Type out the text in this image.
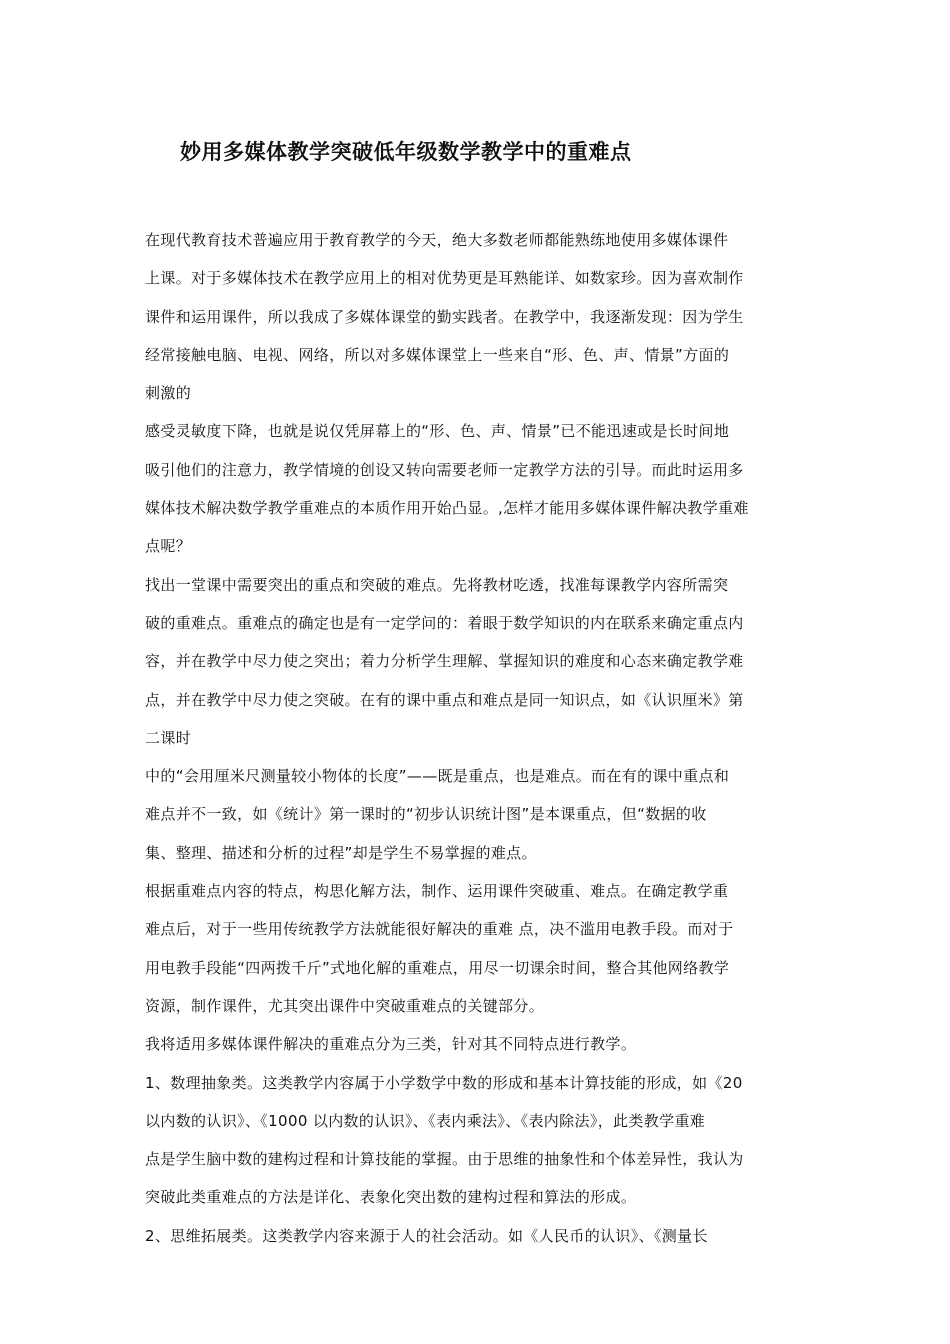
妙用多媒体教学突破低年级数学教学中的重难点
在现代教育技术普遍应用于教育教学的今天，绝大多数老师都能熟练地使用多媒体课件
上课。对于多媒体技术在教学应用上的相对优势更是耳熟能详、如数家珍。因为喜欢制作
课件和运用课件，所以我成了多媒体课堂的勤实践者。在教学中，我逐渐发现：因为学生
经常接触电脑、电视、网络，所以对多媒体课堂上一些来自“形、色、声、情景”方面的
刺激的
感受灵敏度下降，也就是说仅凭屏幕上的“形、色、声、情景”已不能迅速或是长时间地
吸引他们的注意力，教学情境的创设又转向需要老师一定教学方法的引导。而此时运用多
媒体技术解决数学教学重难点的本质作用开始凸显。,怎样才能用多媒体课件解决教学重难
点呢？
找出一堂课中需要突出的重点和突破的难点。先将教材吃透，找准每课教学内容所需突
破的重难点。重难点的确定也是有一定学问的：着眼于数学知识的内在联系来确定重点内
容，并在教学中尽力使之突出；着力分析学生理解、掌握知识的难度和心态来确定教学难
点，并在教学中尽力使之突破。在有的课中重点和难点是同一知识点，如《认识厘米》第
二课时
中的“会用厘米尺测量较小物体的长度”——既是重点，也是难点。而在有的课中重点和
难点并不一致，如《统计》第一课时的“初步认识统计图”是本课重点，但“数据的收
集、整理、描述和分析的过程”却是学生不易掌握的难点。
根据重难点内容的特点，构思化解方法，制作、运用课件突破重、难点。在确定教学重
难点后，对于一些用传统教学方法就能很好解决的重难 点，决不滥用电教手段。而对于
用电教手段能“四两拨千斤”式地化解的重难点，用尽一切课余时间，整合其他网络教学
资源，制作课件，尤其突出课件中突破重难点的关键部分。
我将适用多媒体课件解决的重难点分为三类，针对其不同特点进行教学。
1、数理抽象类。这类教学内容属于小学数学中数的形成和基本计算技能的形成，如《20
以内数的认识》、《1000 以内数的认识》、《表内乘法》、《表内除法》，此类教学重难
点是学生脑中数的建构过程和计算技能的掌握。由于思维的抽象性和个体差异性，我认为
突破此类重难点的方法是详化、表象化突出数的建构过程和算法的形成。
2、思维拓展类。这类教学内容来源于人的社会活动。如《人民币的认识》、《测量长
